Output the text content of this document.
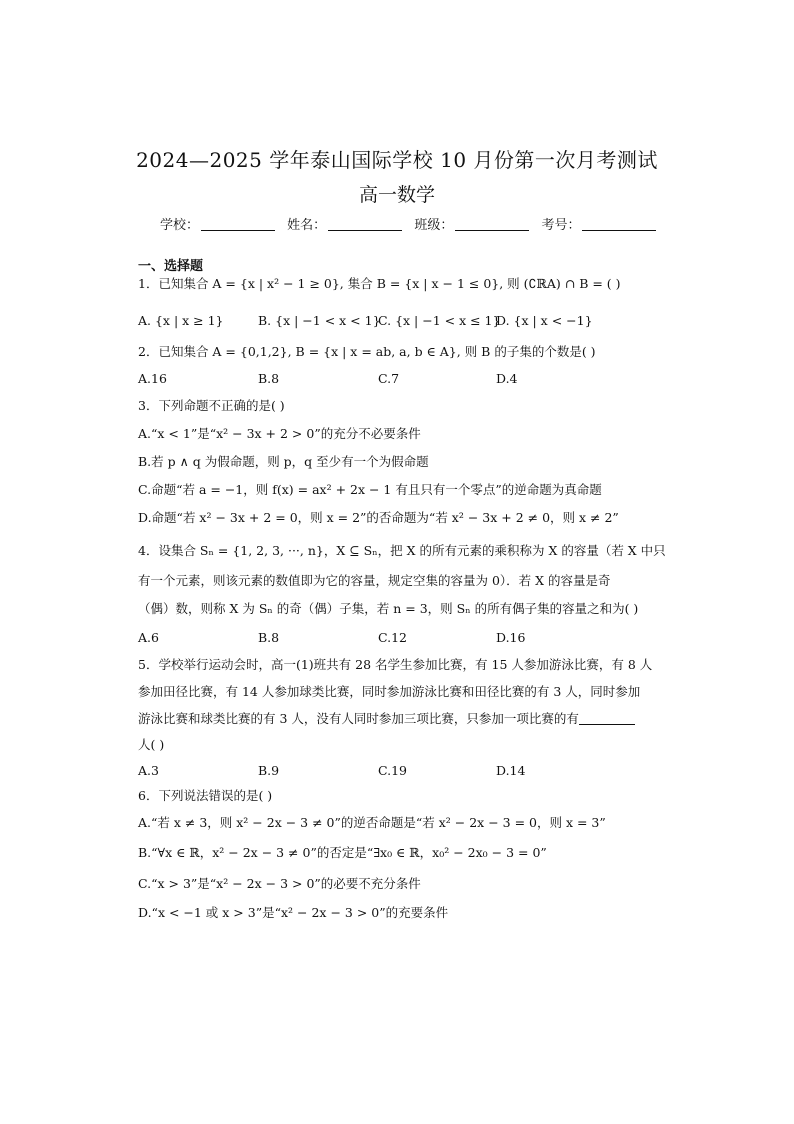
2024—2025 学年泰山国际学校 10 月份第一次月考测试
高一数学
学校：	姓名：	班级：	考号：
一、选择题
1．已知集合 A = {x | x² − 1 ≥ 0}, 集合 B = {x | x − 1 ≤ 0}, 则 (∁ℝA) ∩ B = ( )
A. {x | x ≥ 1}	B. {x | −1 < x < 1}
C. {x | −1 < x ≤ 1}
D. {x | x < −1}
2．已知集合 A = {0,1,2}, B = {x | x = ab, a, b ∈ A}, 则 B 的子集的个数是( )
A.16	B.8	C.7	D.4
3．下列命题不正确的是( )
A.“x < 1”是“x² − 3x + 2 > 0”的充分不必要条件
B.若 p ∧ q 为假命题，则 p，q 至少有一个为假命题
C.命题“若 a = −1，则 f(x) = ax² + 2x − 1 有且只有一个零点”的逆命题为真命题
D.命题“若 x² − 3x + 2 = 0，则 x = 2”的否命题为“若 x² − 3x + 2 ≠ 0，则 x ≠ 2”
4．设集合 Sₙ = {1, 2, 3, ···, n}，X ⊆ Sₙ，把 X 的所有元素的乘积称为 X 的容量（若 X 中只
有一个元素，则该元素的数值即为它的容量，规定空集的容量为 0）．若 X 的容量是奇
（偶）数，则称 X 为 Sₙ 的奇（偶）子集，若 n = 3，则 Sₙ 的所有偶子集的容量之和为( )
A.6	B.8	C.12	D.16
5．学校举行运动会时，高一(1)班共有 28 名学生参加比赛，有 15 人参加游泳比赛，有 8 人
参加田径比赛，有 14 人参加球类比赛，同时参加游泳比赛和田径比赛的有 3 人，同时参加
游泳比赛和球类比赛的有 3 人，没有人同时参加三项比赛，只参加一项比赛的有
人( )
A.3	B.9	C.19	D.14
6．下列说法错误的是( )
A.“若 x ≠ 3，则 x² − 2x − 3 ≠ 0”的逆否命题是“若 x² − 2x − 3 = 0，则 x = 3”
B.“∀x ∈ ℝ，x² − 2x − 3 ≠ 0”的否定是“∃x₀ ∈ ℝ，x₀² − 2x₀ − 3 = 0”
C.“x > 3”是“x² − 2x − 3 > 0”的必要不充分条件
D.“x < −1 或 x > 3”是“x² − 2x − 3 > 0”的充要条件
